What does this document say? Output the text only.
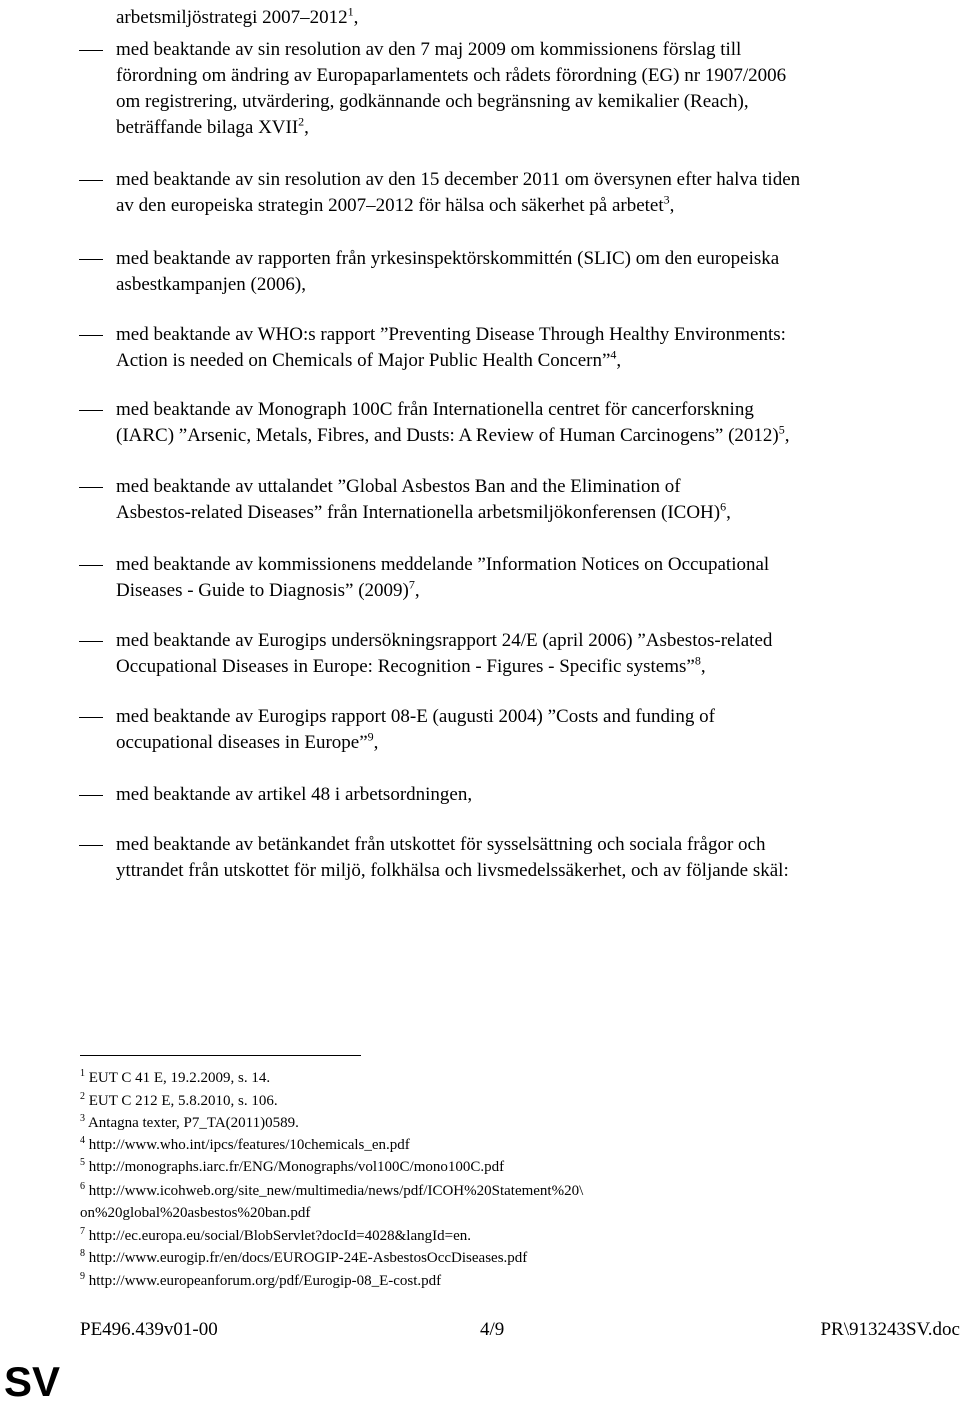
arbetsmiljöstrategi 2007–2012$^1$,
med beaktande av sin resolution av den 7 maj 2009 om kommissionens förslag till
förordning om ändring av Europaparlamentets och rådets förordning (EG) nr 1907/2006
om registrering, utvärdering, godkännande och begränsning av kemikalier (Reach),
beträffande bilaga XVII$^2$,
med beaktande av sin resolution av den 15 december 2011 om översynen efter halva tiden
av den europeiska strategin 2007–2012 för hälsa och säkerhet på arbetet$^3$,
med beaktande av rapporten från yrkesinspektörskommittén (SLIC) om den europeiska
asbestkampanjen (2006),
med beaktande av WHO:s rapport ”Preventing Disease Through Healthy Environments:
Action is needed on Chemicals of Major Public Health Concern”$^4$,
med beaktande av Monograph 100C från Internationella centret för cancerforskning
(IARC) ”Arsenic, Metals, Fibres, and Dusts: A Review of Human Carcinogens” $(2012)^5$,
med beaktande av uttalandet ”Global Asbestos Ban and the Elimination of
Asbestos-related Diseases” från Internationella arbetsmiljökonferensen (ICOH)$^6$,
med beaktande av kommissionens meddelande ”Information Notices on Occupational
Diseases - Guide to Diagnosis” $(2009)^7$,
med beaktande av Eurogips undersökningsrapport 24/E (april 2006) ”Asbestos-related
Occupational Diseases in Europe: Recognition - Figures - Specific systems”$^8$,
med beaktande av Eurogips rapport 08-E (augusti 2004) ”Costs and funding of
occupational diseases in Europe”$^9$,
med beaktande av artikel 48 i arbetsordningen,
med beaktande av betänkandet från utskottet för sysselsättning och sociala frågor och
yttrandet från utskottet för miljö, folkhälsa och livsmedelssäkerhet, och av följande skäl:
$^1$ EUT C 41 E, 19.2.2009, s. 14.
$^2$ EUT C 212 E, 5.8.2010, s. 106.
$^3$ Antagna texter, P7_TA(2011)0589.
$^4$ http://www.who.int/ipcs/features/10chemicals_en.pdf
$^5$ http://monographs.iarc.fr/ENG/Monographs/vol100C/mono100C.pdf
$^6$ http://www.icohweb.org/site_new/multimedia/news/pdf/ICOH%20Statement%20\
on%20global%20asbestos%20ban.pdf
$^7$ http://ec.europa.eu/social/BlobServlet?docId=4028&langId=en.
$^8$ http://www.eurogip.fr/en/docs/EUROGIP-24E-AsbestosOccDiseases.pdf
$^9$ http://www.europeanforum.org/pdf/Eurogip-08_E-cost.pdf
PE496.439v01-00	4/9	PR\913243SV.doc
SV
